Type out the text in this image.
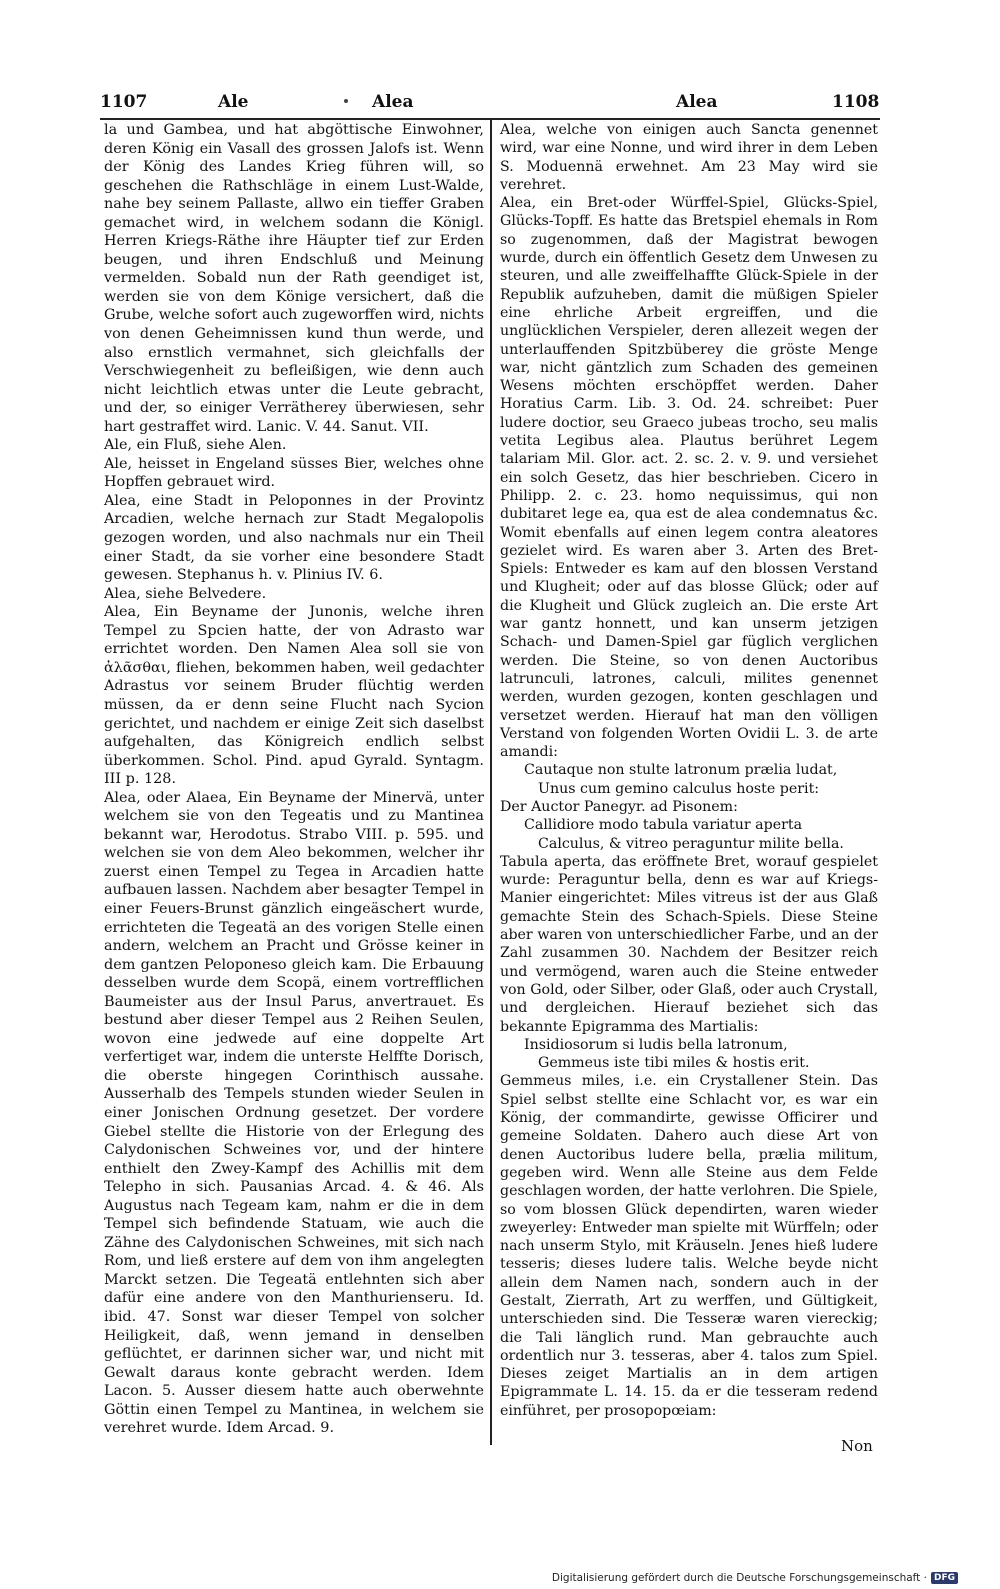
1107	Ale	Alea	Alea	1108

la und Gambea, und hat abgöttische Einwohner, deren König ein Vasall des grossen Jalofs ist. Wenn der König des Landes Krieg führen will, so geschehen die Rathschläge in einem Lust-Walde, nahe bey seinem Pallaste, allwo ein tieffer Graben gemachet wird, in welchem sodann die Königl. Herren Kriegs-Räthe ihre Häupter tief zur Erden beugen, und ihren Endschluß und Meinung vermelden. Sobald nun der Rath geendiget ist, werden sie von dem Könige versichert, daß die Grube, welche sofort auch zugeworffen wird, nichts von denen Geheimnissen kund thun werde, und also ernstlich vermahnet, sich gleichfalls der Verschwiegenheit zu befleißigen, wie denn auch nicht leichtlich etwas unter die Leute gebracht, und der, so einiger Verrätherey überwiesen, sehr hart gestraffet wird. Lanic. V. 44. Sanut. VII.

Ale, ein Fluß, siehe Alen.

Ale, heisset in Engeland süsses Bier, welches ohne Hopffen gebrauet wird.

Alea, eine Stadt in Peloponnes in der Provintz Arcadien, welche hernach zur Stadt Megalopolis gezogen worden, und also nachmals nur ein Theil einer Stadt, da sie vorher eine besondere Stadt gewesen. Stephanus h. v. Plinius IV. 6.

Alea, siehe Belvedere.

Alea, Ein Beyname der Junonis, welche ihren Tempel zu Spcien hatte, der von Adrasto war errichtet worden. Den Namen Alea soll sie von ἀλᾶσθαι, fliehen, bekommen haben, weil gedachter Adrastus vor seinem Bruder flüchtig werden müssen, da er denn seine Flucht nach Sycion gerichtet, und nachdem er einige Zeit sich daselbst aufgehalten, das Königreich endlich selbst überkommen. Schol. Pind. apud Gyrald. Syntagm. III p. 128.

Alea, oder Alaea, Ein Beyname der Minervä, unter welchem sie von den Tegeatis und zu Mantinea bekannt war, Herodotus. Strabo VIII. p. 595. und welchen sie von dem Aleo bekommen, welcher ihr zuerst einen Tempel zu Tegea in Arcadien hatte aufbauen lassen. Nachdem aber besagter Tempel in einer Feuers-Brunst gänzlich eingeäschert wurde, errichteten die Tegeatä an des vorigen Stelle einen andern, welchem an Pracht und Grösse keiner in dem gantzen Peloponeso gleich kam. Die Erbauung desselben wurde dem Scopä, einem vortrefflichen Baumeister aus der Insul Parus, anvertrauet. Es bestund aber dieser Tempel aus 2 Reihen Seulen, wovon eine jedwede auf eine doppelte Art verfertiget war, indem die unterste Helffte Dorisch, die oberste hingegen Corinthisch aussahe. Ausserhalb des Tempels stunden wieder Seulen in einer Jonischen Ordnung gesetzet. Der vordere Giebel stellte die Historie von der Erlegung des Calydonischen Schweines vor, und der hintere enthielt den Zwey-Kampf des Achillis mit dem Telepho in sich. Pausanias Arcad. 4. & 46. Als Augustus nach Tegeam kam, nahm er die in dem Tempel sich befindende Statuam, wie auch die Zähne des Calydonischen Schweines, mit sich nach Rom, und ließ erstere auf dem von ihm angelegten Marckt setzen. Die Tegeatä entlehnten sich aber dafür eine andere von den Manthurienseru. Id. ibid. 47. Sonst war dieser Tempel von solcher Heiligkeit, daß, wenn jemand in denselben geflüchtet, er darinnen sicher war, und nicht mit Gewalt daraus konte gebracht werden. Idem Lacon. 5. Ausser diesem hatte auch oberwehnte Göttin einen Tempel zu Mantinea, in welchem sie verehret wurde. Idem Arcad. 9.

Alea, welche von einigen auch Sancta genennet wird, war eine Nonne, und wird ihrer in dem Leben S. Moduennä erwehnet. Am 23 May wird sie verehret.

Alea, ein Bret-oder Würffel-Spiel, Glücks-Spiel, Glücks-Topff. Es hatte das Bretspiel ehemals in Rom so zugenommen, daß der Magistrat bewogen wurde, durch ein öffentlich Gesetz dem Unwesen zu steuren, und alle zweiffelhaffte Glück-Spiele in der Republik aufzuheben, damit die müßigen Spieler eine ehrliche Arbeit ergreiffen, und die unglücklichen Verspieler, deren allezeit wegen der unterlauffenden Spitzbüberey die gröste Menge war, nicht gäntzlich zum Schaden des gemeinen Wesens möchten erschöpffet werden. Daher Horatius Carm. Lib. 3. Od. 24. schreibet: Puer ludere doctior, seu Graeco jubeas trocho, seu malis vetita Legibus alea. Plautus berühret Legem talariam Mil. Glor. act. 2. sc. 2. v. 9. und versiehet ein solch Gesetz, das hier beschrieben. Cicero in Philipp. 2. c. 23. homo nequissimus, qui non dubitaret lege ea, qua est de alea condemnatus &c. Womit ebenfalls auf einen legem contra aleatores gezielet wird. Es waren aber 3. Arten des Bret-Spiels: Entweder es kam auf den blossen Verstand und Klugheit; oder auf das blosse Glück; oder auf die Klugheit und Glück zugleich an. Die erste Art war gantz honnett, und kan unserm jetzigen Schach- und Damen-Spiel gar füglich verglichen werden. Die Steine, so von denen Auctoribus latrunculi, latrones, calculi, milites genennet werden, wurden gezogen, konten geschlagen und versetzet werden. Hierauf hat man den völligen Verstand von folgenden Worten Ovidii L. 3. de arte amandi:

Cautaque non stulte latronum prælia ludat,
Unus cum gemino calculus hoste perit:

Der Auctor Panegyr. ad Pisonem:

Callidiore modo tabula variatur aperta
Calculus, & vitreo peraguntur milite bella.

Tabula aperta, das eröffnete Bret, worauf gespielet wurde: Peraguntur bella, denn es war auf Kriegs-Manier eingerichtet: Miles vitreus ist der aus Glaß gemachte Stein des Schach-Spiels. Diese Steine aber waren von unterschiedlicher Farbe, und an der Zahl zusammen 30. Nachdem der Besitzer reich und vermögend, waren auch die Steine entweder von Gold, oder Silber, oder Glaß, oder auch Crystall, und dergleichen. Hierauf beziehet sich das bekannte Epigramma des Martialis:

Insidiosorum si ludis bella latronum,
Gemmeus iste tibi miles & hostis erit.

Gemmeus miles, i.e. ein Crystallener Stein. Das Spiel selbst stellte eine Schlacht vor, es war ein König, der commandirte, gewisse Officirer und gemeine Soldaten. Dahero auch diese Art von denen Auctoribus ludere bella, prælia militum, gegeben wird. Wenn alle Steine aus dem Felde geschlagen worden, der hatte verlohren. Die Spiele, so vom blossen Glück dependirten, waren wieder zweyerley: Entweder man spielte mit Würffeln; oder nach unserm Stylo, mit Kräuseln. Jenes hieß ludere tesseris; dieses ludere talis. Welche beyde nicht allein dem Namen nach, sondern auch in der Gestalt, Zierrath, Art zu werffen, und Gültigkeit, unterschieden sind. Die Tesseræ waren viereckig; die Tali länglich rund. Man gebrauchte auch ordentlich nur 3. tesseras, aber 4. talos zum Spiel. Dieses zeiget Martialis an in dem artigen Epigrammate L. 14. 15. da er die tesseram redend einführet, per prosopopœiam:

Non
Digitalisierung gefördert durch die Deutsche Forschungsgemeinschaft · DFG
